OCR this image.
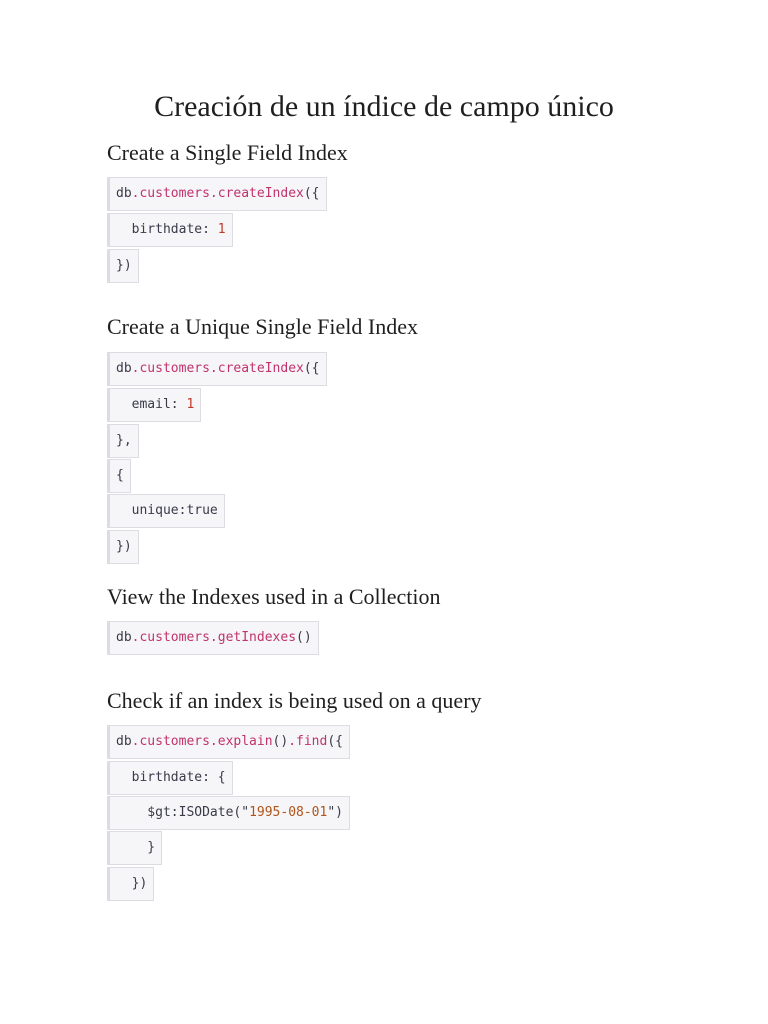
Creación de un índice de campo único
Create a Single Field Index
db.customers.createIndex({
birthdate: 1
})
Create a Unique Single Field Index
db.customers.createIndex({
email: 1
},
{
unique:true
})
View the Indexes used in a Collection
db.customers.getIndexes()
Check if an index is being used on a query
db.customers.explain().find({
birthdate: {
$gt:ISODate("1995-08-01")
}
})
